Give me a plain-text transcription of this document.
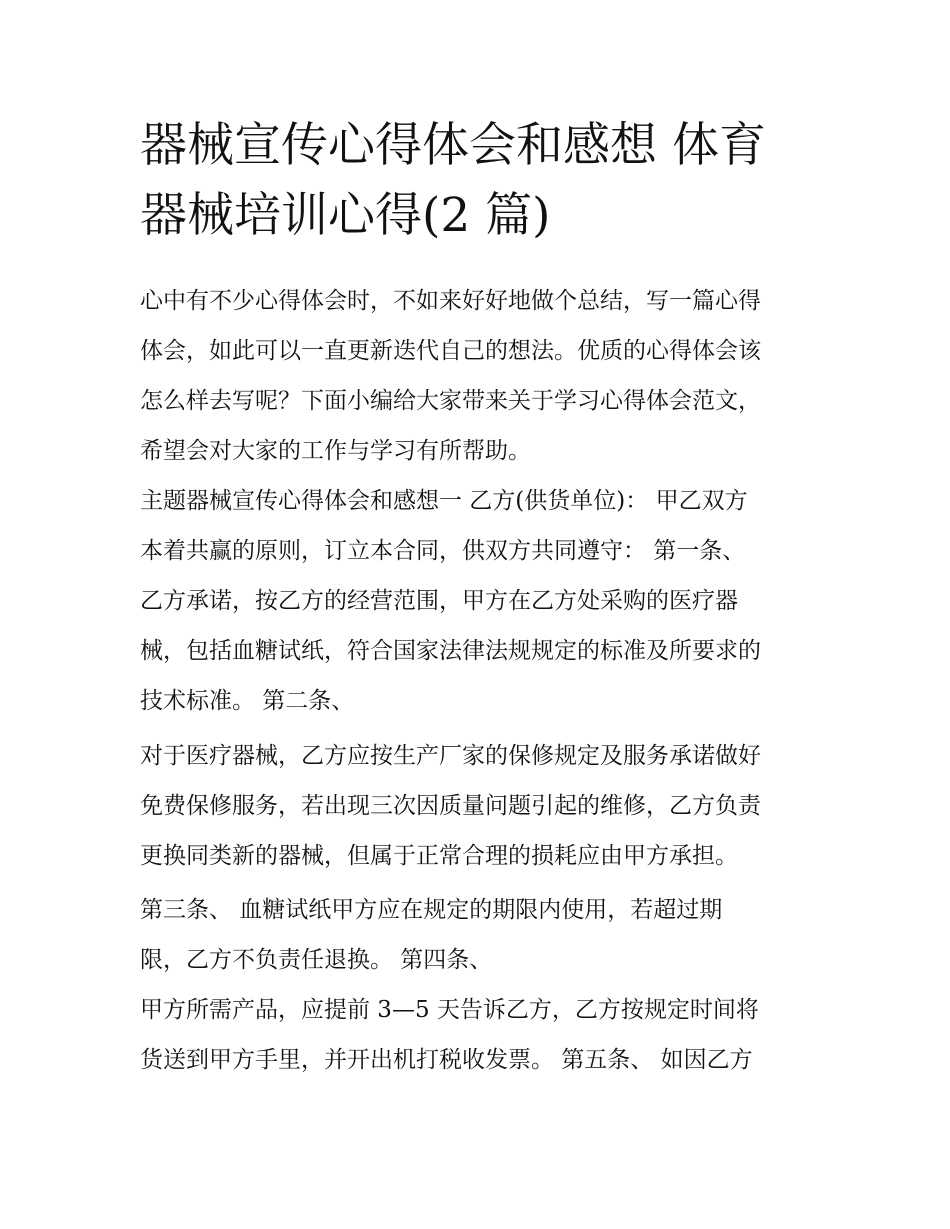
器械宣传心得体会和感想 体育
器械培训心得(2 篇)
心中有不少心得体会时，不如来好好地做个总结，写一篇心得
体会，如此可以一直更新迭代自己的想法。优质的心得体会该
怎么样去写呢？下面小编给大家带来关于学习心得体会范文，
希望会对大家的工作与学习有所帮助。
主题器械宣传心得体会和感想一 乙方(供货单位)： 甲乙双方
本着共赢的原则，订立本合同，供双方共同遵守： 第一条、
乙方承诺，按乙方的经营范围，甲方在乙方处采购的医疗器
械，包括血糖试纸，符合国家法律法规规定的标准及所要求的
技术标准。 第二条、
对于医疗器械，乙方应按生产厂家的保修规定及服务承诺做好
免费保修服务，若出现三次因质量问题引起的维修，乙方负责
更换同类新的器械，但属于正常合理的损耗应由甲方承担。
第三条、 血糖试纸甲方应在规定的期限内使用，若超过期
限，乙方不负责任退换。 第四条、
甲方所需产品，应提前 3—5 天告诉乙方，乙方按规定时间将
货送到甲方手里，并开出机打税收发票。 第五条、 如因乙方
